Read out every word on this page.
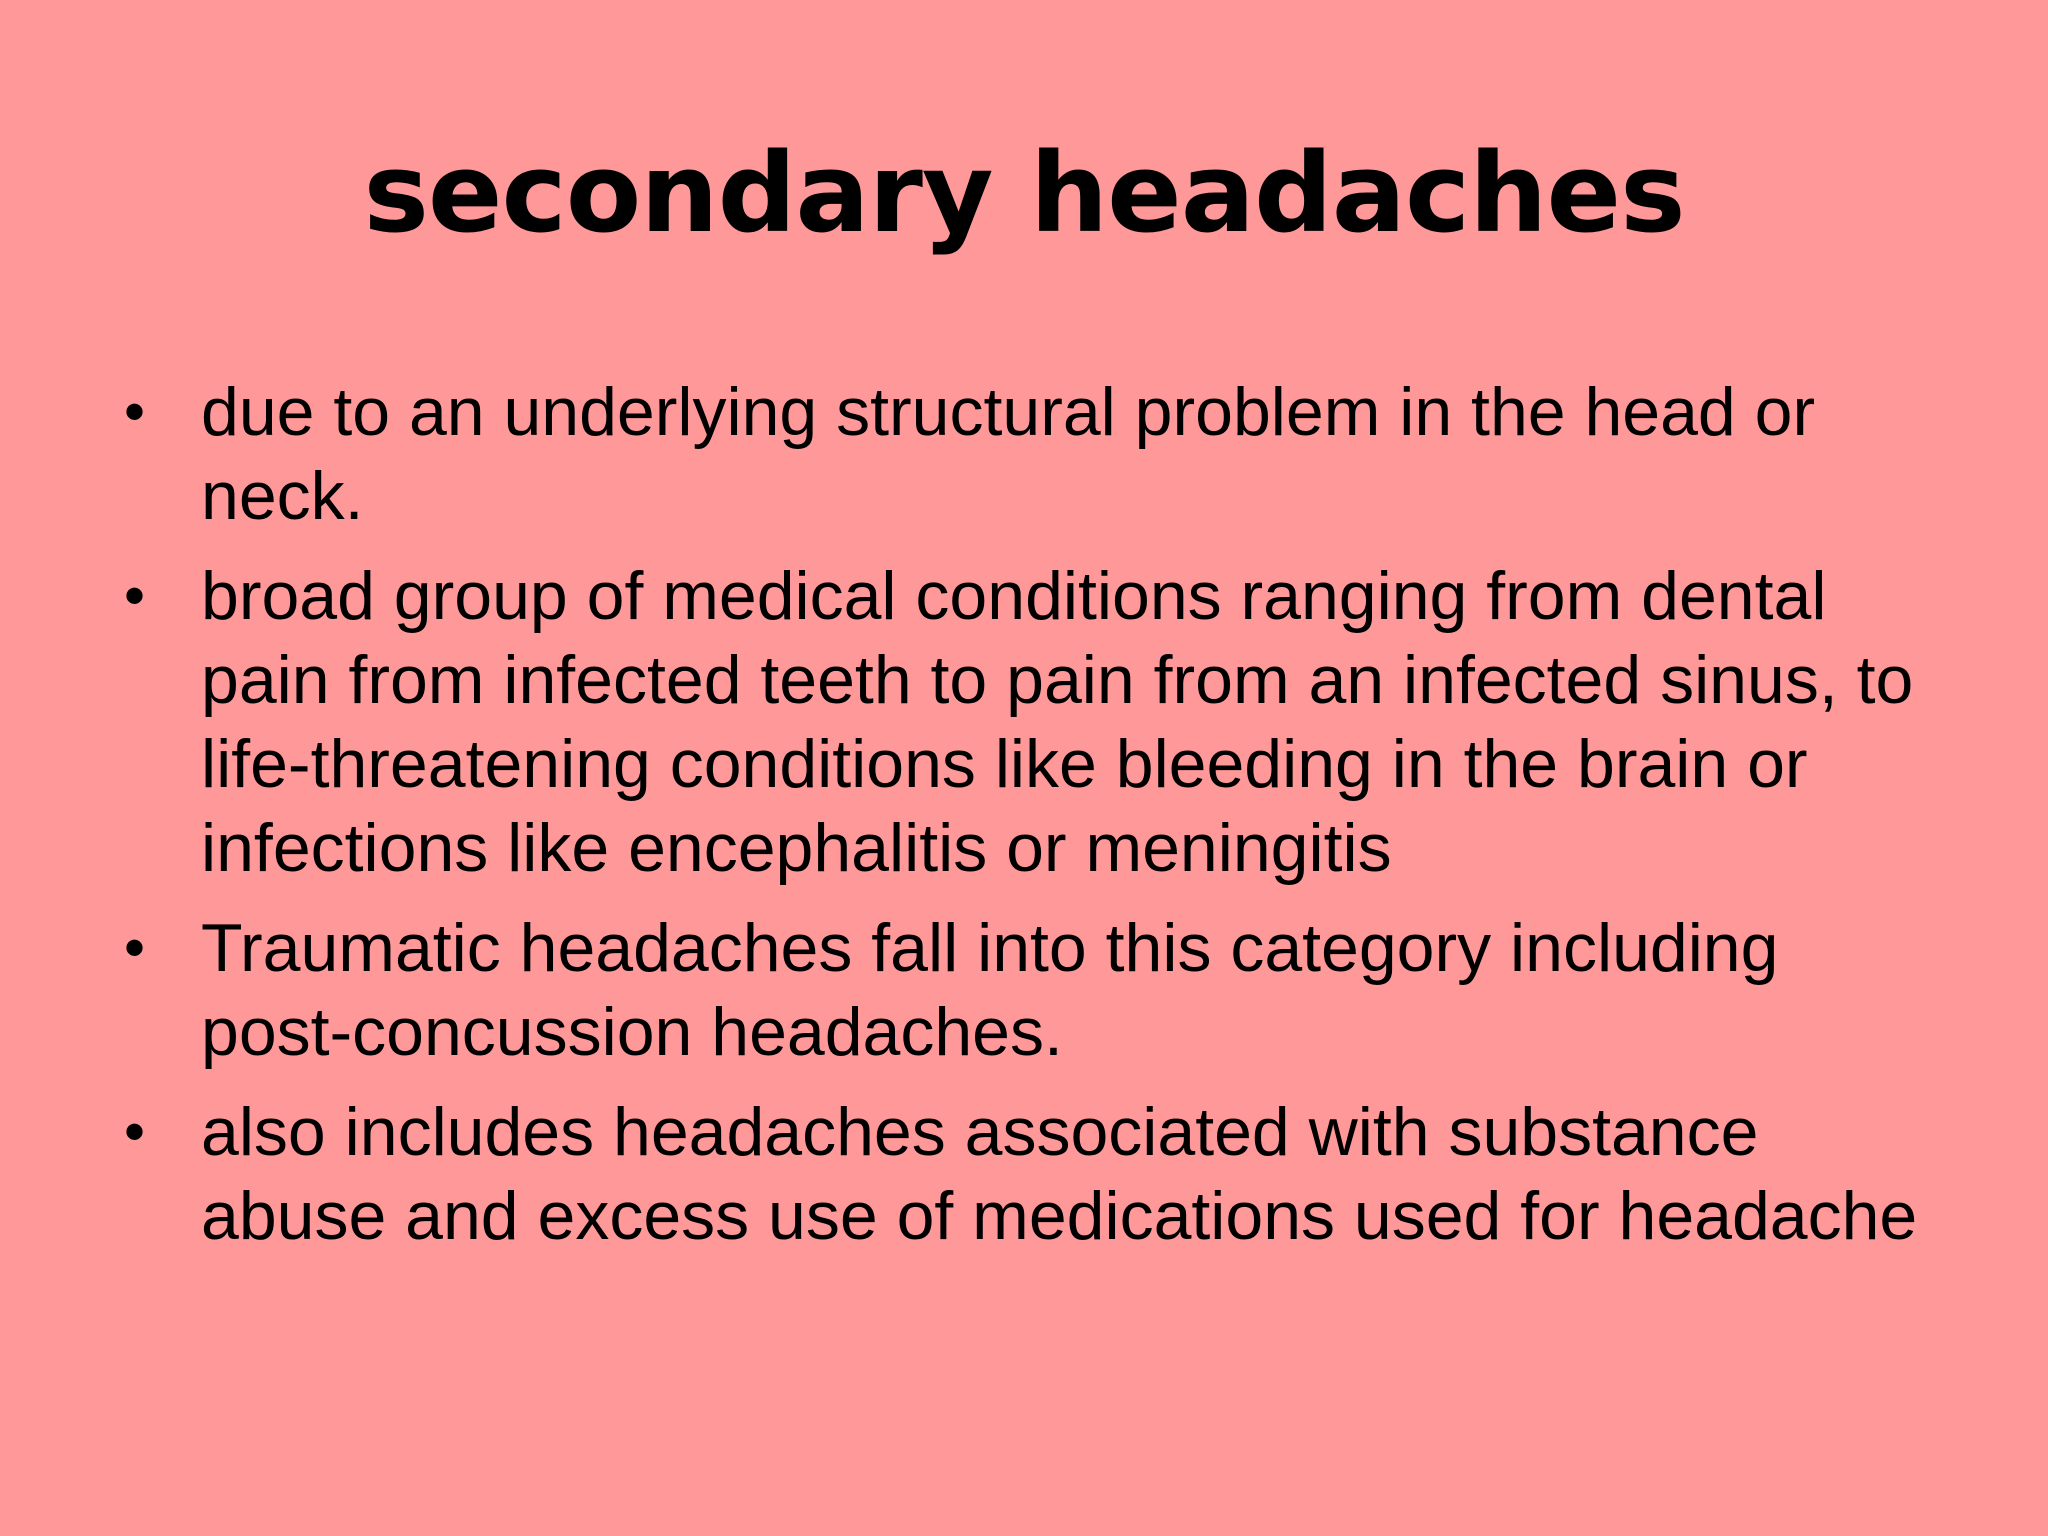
secondary headaches
• due to an underlying structural problem in the head or neck.
• broad group of medical conditions ranging from dental pain from infected teeth to pain from an infected sinus, to life-threatening conditions like bleeding in the brain or infections like encephalitis or meningitis
• Traumatic headaches fall into this category including post-concussion headaches.
• also includes headaches associated with substance abuse and excess use of medications used for headache
